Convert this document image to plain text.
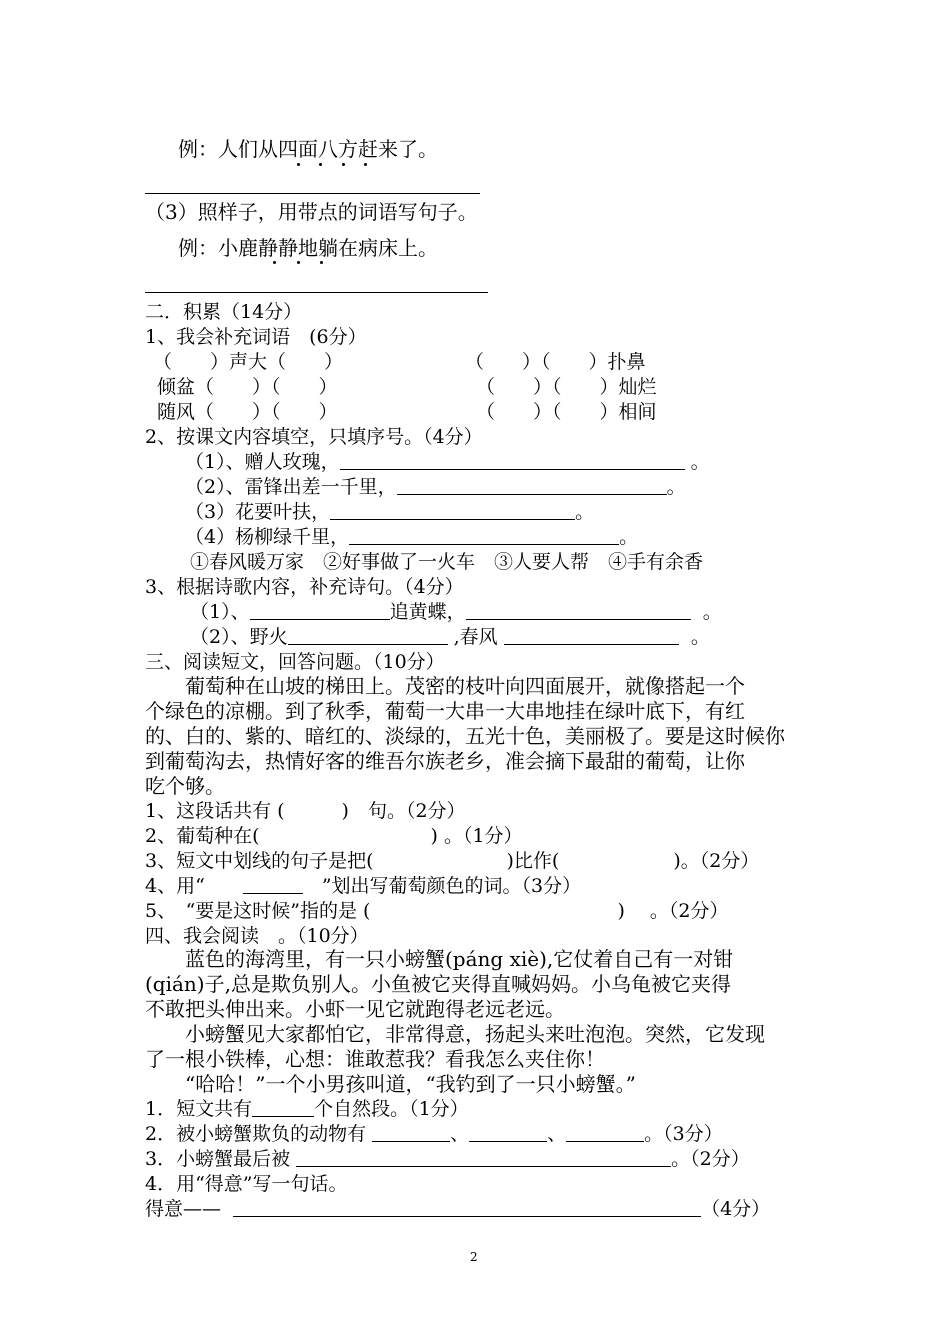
例：人们从四面八方赶来了。
（3）照样子，用带点的词语写句子。
例：小鹿静静地躺在病床上。
二．积累（14分）
1、我会补充词语　(6分）
（　　）声大（　　）	（　　）（　　）扑鼻
倾盆（　　）（　　）	（　　）（　　）灿烂
随风（　　）（　　）	（　　）（　　）相间
2、按课文内容填空，只填序号。（4分）
（1）、赠人玫瑰，	。
（2）、雷锋出差一千里，	。
（3）花要叶扶，	。
（4）杨柳绿千里，	。
①春风暖万家　②好事做了一火车　③人要人帮　④手有余香
3、根据诗歌内容，补充诗句。（4分）
（1）、	追黄蝶，	。
（2）、野火	,春风	。
三、阅读短文，回答问题。（10分）
　　葡萄种在山坡的梯田上。茂密的枝叶向四面展开，就像搭起一个
个绿色的凉棚。到了秋季，葡萄一大串一大串地挂在绿叶底下，有红
的、白的、紫的、暗红的、淡绿的，五光十色，美丽极了。要是这时候你
到葡萄沟去，热情好客的维吾尔族老乡，准会摘下最甜的葡萄，让你
吃个够。
1、这段话共有 (　　　)　句。（2分）
2、葡萄种在(　　　　　　　　　) 。（1分）
3、短文中划线的句子是把(　　　　　　　)比作(　　　　　　)。（2分）
4、用“　　	　”划出写葡萄颜色的词。（3分）
5、　“要是这时候”指的是 (　　　　　　　　　　　　　) 　。（2分）
四、我会阅读　。（10分）
　　蓝色的海湾里，有一只小螃蟹(páng xiè),它仗着自己有一对钳
(qián)子,总是欺负别人。小鱼被它夹得直喊妈妈。小乌龟被它夹得
不敢把头伸出来。小虾一见它就跑得老远老远。
　　小螃蟹见大家都怕它，非常得意，扬起头来吐泡泡。突然，它发现
了一根小铁棒，心想：谁敢惹我？看我怎么夹住你！
　　“哈哈！”一个小男孩叫道，“我钓到了一只小螃蟹。”
1．短文共有	个自然段。（1分）
2．被小螃蟹欺负的动物有	、	、	。（3分）
3．小螃蟹最后被	。（2分）
4．用“得意”写一句话。
得意——	（4分）
2
